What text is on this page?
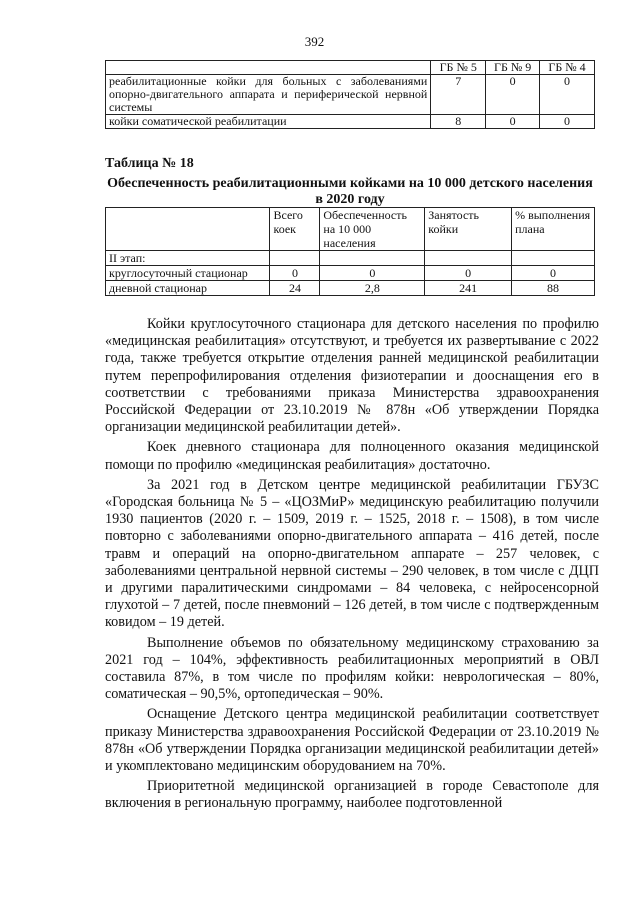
392
	ГБ № 5	ГБ № 9	ГБ № 4
реабилитационные койки для больных с заболеваниями опорно-двигательного аппарата и периферической нервной системы	7	0	0
койки соматической реабилитации	8	0	0
Таблица № 18
Обеспеченность реабилитационными койками на 10 000 детского населения в 2020 году
	Всего коек	Обеспеченность на 10 000 населения	Занятость койки	% выполнения плана
II этап:				
круглосуточный стационар	0	0	0	0
дневной стационар	24	2,8	241	88

Койки круглосуточного стационара для детского населения по профилю «медицинская реабилитация» отсутствуют, и требуется их развертывание с 2022 года, также требуется открытие отделения ранней медицинской реабилитации путем перепрофилирования отделения физиотерапии и дооснащения его в соответствии с требованиями приказа Министерства здравоохранения Российской Федерации от 23.10.2019 № 878н «Об утверждении Порядка организации медицинской реабилитации детей».

Коек дневного стационара для полноценного оказания медицинской помощи по профилю «медицинская реабилитация» достаточно.

За 2021 год в Детском центре медицинской реабилитации ГБУЗС «Городская больница № 5 – «ЦОЗМиР» медицинскую реабилитацию получили 1930 пациентов (2020 г. – 1509, 2019 г. – 1525, 2018 г. – 1508), в том числе повторно с заболеваниями опорно-двигательного аппарата – 416 детей, после травм и операций на опорно-двигательном аппарате – 257 человек, с заболеваниями центральной нервной системы – 290 человек, в том числе с ДЦП и другими паралитическими синдромами – 84 человека, с нейросенсорной глухотой – 7 детей, после пневмоний – 126 детей, в том числе с подтвержденным ковидом – 19 детей.

Выполнение объемов по обязательному медицинскому страхованию за 2021 год – 104%, эффективность реабилитационных мероприятий в ОВЛ составила 87%, в том числе по профилям койки: неврологическая – 80%, соматическая – 90,5%, ортопедическая – 90%.

Оснащение Детского центра медицинской реабилитации соответствует приказу Министерства здравоохранения Российской Федерации от 23.10.2019 № 878н «Об утверждении Порядка организации медицинской реабилитации детей» и укомплектовано медицинским оборудованием на 70%.

Приоритетной медицинской организацией в городе Севастополе для включения в региональную программу, наиболее подготовленной
